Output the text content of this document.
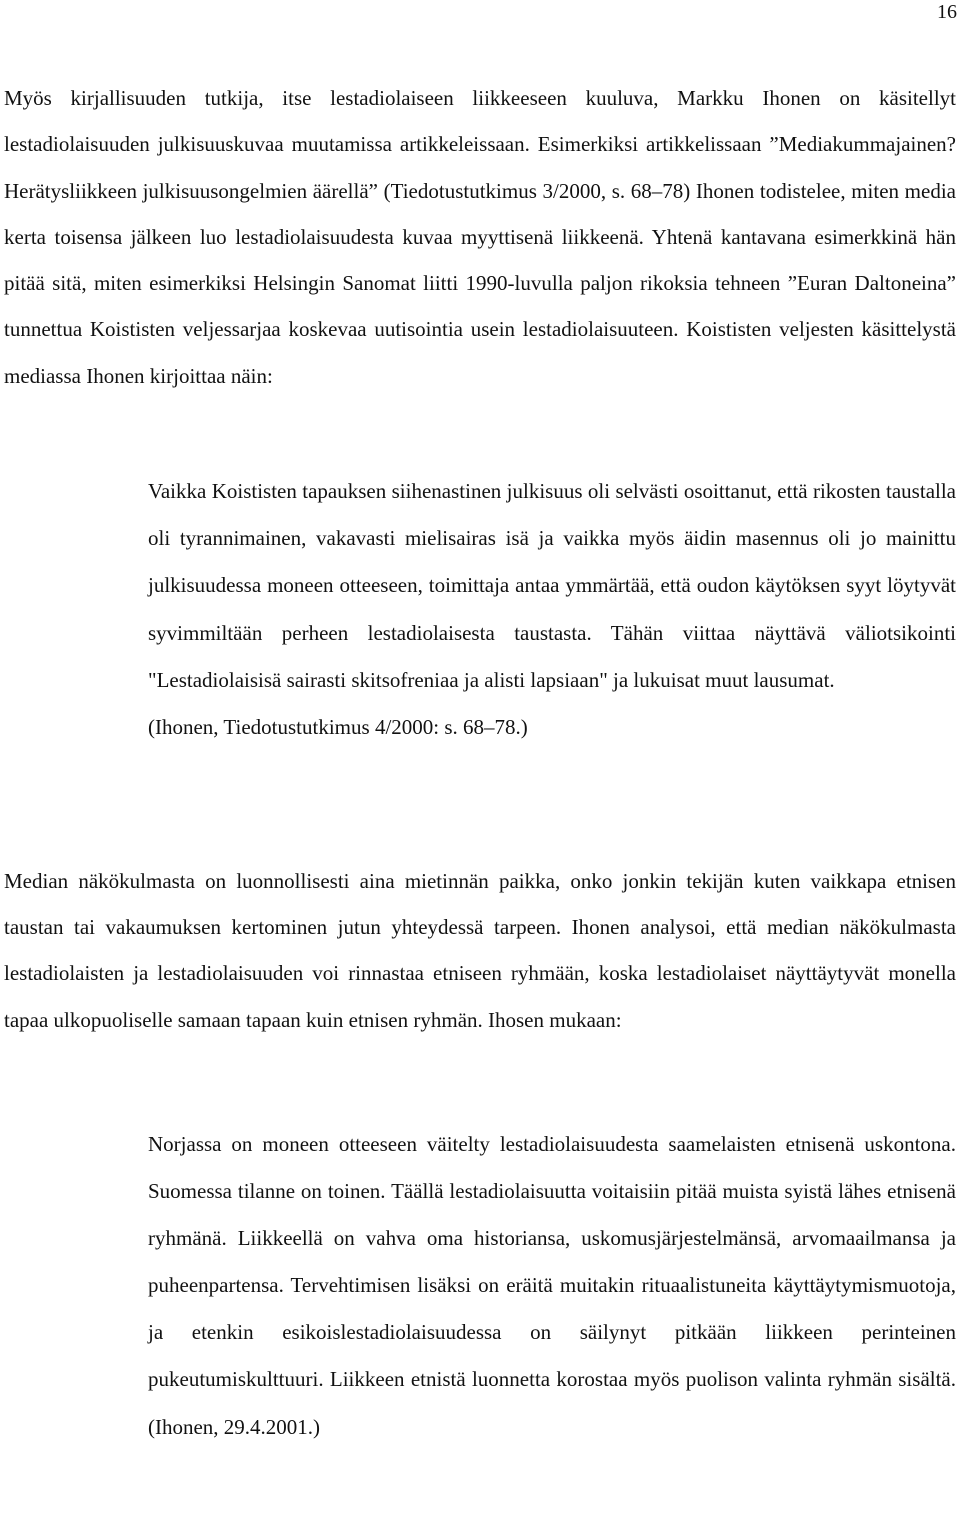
16

Myös kirjallisuuden tutkija, itse lestadiolaiseen liikkeeseen kuuluva, Markku Ihonen on käsitellyt lestadiolaisuuden julkisuuskuvaa muutamissa artikkeleissaan. Esimerkiksi artikkelissaan ”Mediakummajainen? Herätysliikkeen julkisuusongelmien äärellä” (Tiedotustutkimus 3/2000, s. 68–78) Ihonen todistelee, miten media kerta toisensa jälkeen luo lestadiolaisuudesta kuvaa myyttisenä liikkeenä. Yhtenä kantavana esimerkkinä hän pitää sitä, miten esimerkiksi Helsingin Sanomat liitti 1990-luvulla paljon rikoksia tehneen ”Euran Daltoneina” tunnettua Koististen veljessarjaa koskevaa uutisointia usein lestadiolaisuuteen. Koististen veljesten käsittelystä mediassa Ihonen kirjoittaa näin:

Vaikka Koististen tapauksen siihenastinen julkisuus oli selvästi osoittanut, että rikosten taustalla oli tyrannimainen, vakavasti mielisairas isä ja vaikka myös äidin masennus oli jo mainittu julkisuudessa moneen otteeseen, toimittaja antaa ymmärtää, että oudon käytöksen syyt löytyvät syvimmiltään perheen lestadiolaisesta taustasta. Tähän viittaa näyttävä väliotsikointi "Lestadiolaisisä sairasti skitsofreniaa ja alisti lapsiaan" ja lukuisat muut lausumat.
(Ihonen, Tiedotustutkimus 4/2000: s. 68–78.)

Median näkökulmasta on luonnollisesti aina mietinnän paikka, onko jonkin tekijän kuten vaikkapa etnisen taustan tai vakaumuksen kertominen jutun yhteydessä tarpeen. Ihonen analysoi, että median näkökulmasta lestadiolaisten ja lestadiolaisuuden voi rinnastaa etniseen ryhmään, koska lestadiolaiset näyttäytyvät monella tapaa ulkopuoliselle samaan tapaan kuin etnisen ryhmän. Ihosen mukaan:

Norjassa on moneen otteeseen väitelty lestadiolaisuudesta saamelaisten etnisenä uskontona. Suomessa tilanne on toinen. Täällä lestadiolaisuutta voitaisiin pitää muista syistä lähes etnisenä ryhmänä. Liikkeellä on vahva oma historiansa, uskomusjärjestelmänsä, arvomaailmansa ja puheenpartensa. Tervehtimisen lisäksi on eräitä muitakin rituaalistuneita käyttäytymismuotoja, ja etenkin esikoislestadiolaisuudessa on säilynyt pitkään liikkeen perinteinen pukeutumiskulttuuri. Liikkeen etnistä luonnetta korostaa myös puolison valinta ryhmän sisältä.
(Ihonen, 29.4.2001.)
